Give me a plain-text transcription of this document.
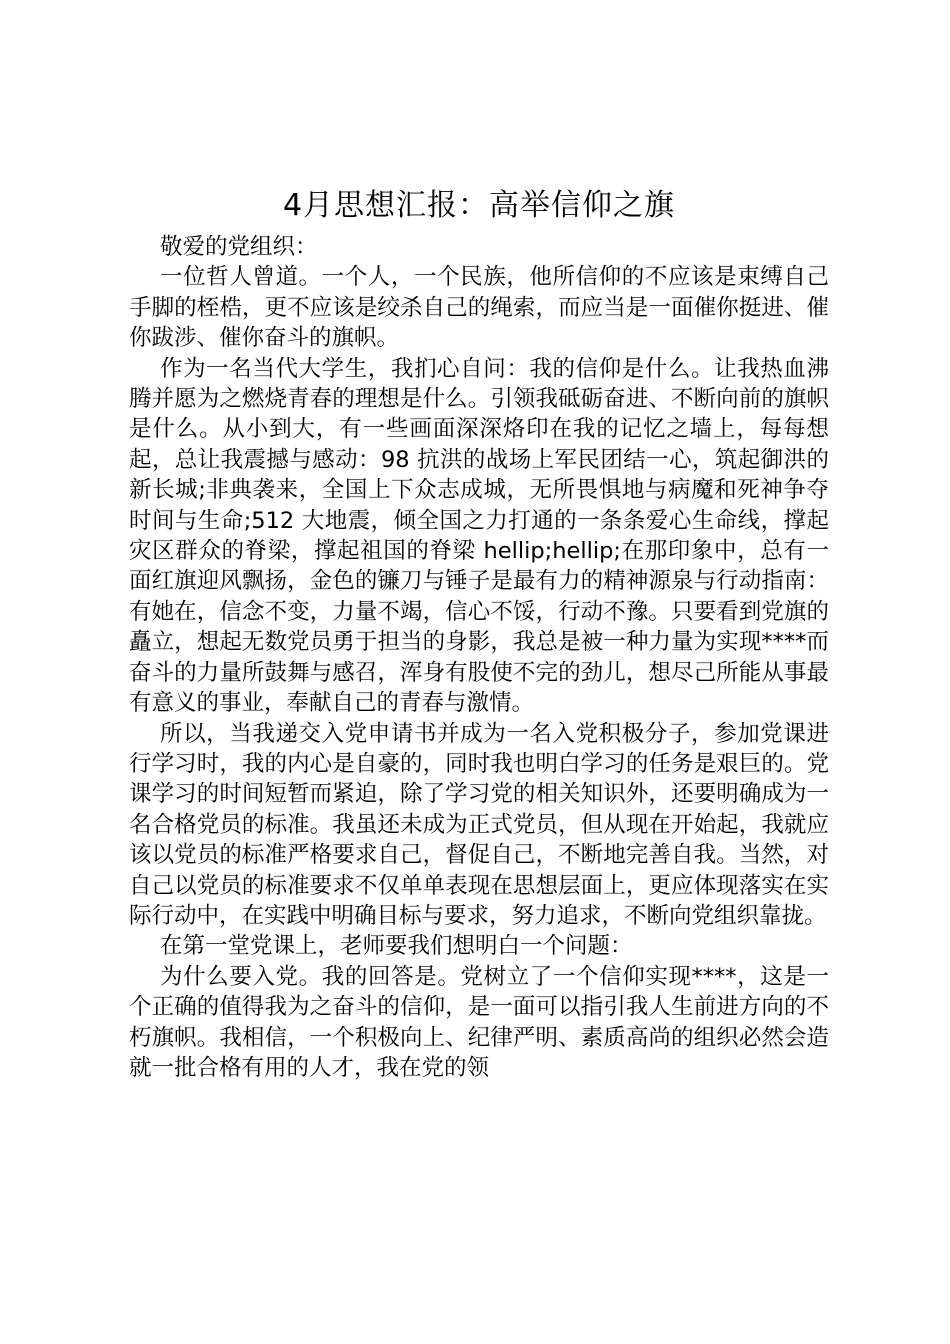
4月思想汇报：高举信仰之旗

敬爱的党组织：

一位哲人曾道。一个人，一个民族，他所信仰的不应该是束缚自己手脚的桎梏，更不应该是绞杀自己的绳索，而应当是一面催你挺进、催你跋涉、催你奋斗的旗帜。

作为一名当代大学生，我扪心自问：我的信仰是什么。让我热血沸腾并愿为之燃烧青春的理想是什么。引领我砥砺奋进、不断向前的旗帜是什么。从小到大，有一些画面深深烙印在我的记忆之墙上，每每想起，总让我震撼与感动：98 抗洪的战场上军民团结一心，筑起御洪的新长城;非典袭来，全国上下众志成城，无所畏惧地与病魔和死神争夺时间与生命;512 大地震，倾全国之力打通的一条条爱心生命线，撑起灾区群众的脊梁，撑起祖国的脊梁 hellip;hellip;在那印象中，总有一面红旗迎风飘扬，金色的镰刀与锤子是最有力的精神源泉与行动指南：有她在，信念不变，力量不竭，信心不馁，行动不豫。只要看到党旗的矗立，想起无数党员勇于担当的身影，我总是被一种力量为实现****而奋斗的力量所鼓舞与感召，浑身有股使不完的劲儿，想尽己所能从事最有意义的事业，奉献自己的青春与激情。

所以，当我递交入党申请书并成为一名入党积极分子，参加党课进行学习时，我的内心是自豪的，同时我也明白学习的任务是艰巨的。党课学习的时间短暂而紧迫，除了学习党的相关知识外，还要明确成为一名合格党员的标准。我虽还未成为正式党员，但从现在开始起，我就应该以党员的标准严格要求自己，督促自己，不断地完善自我。当然，对自己以党员的标准要求不仅单单表现在思想层面上，更应体现落实在实际行动中，在实践中明确目标与要求，努力追求，不断向党组织靠拢。

在第一堂党课上，老师要我们想明白一个问题：

为什么要入党。我的回答是。党树立了一个信仰实现****，这是一个正确的值得我为之奋斗的信仰，是一面可以指引我人生前进方向的不朽旗帜。我相信，一个积极向上、纪律严明、素质高尚的组织必然会造就一批合格有用的人才，我在党的领
